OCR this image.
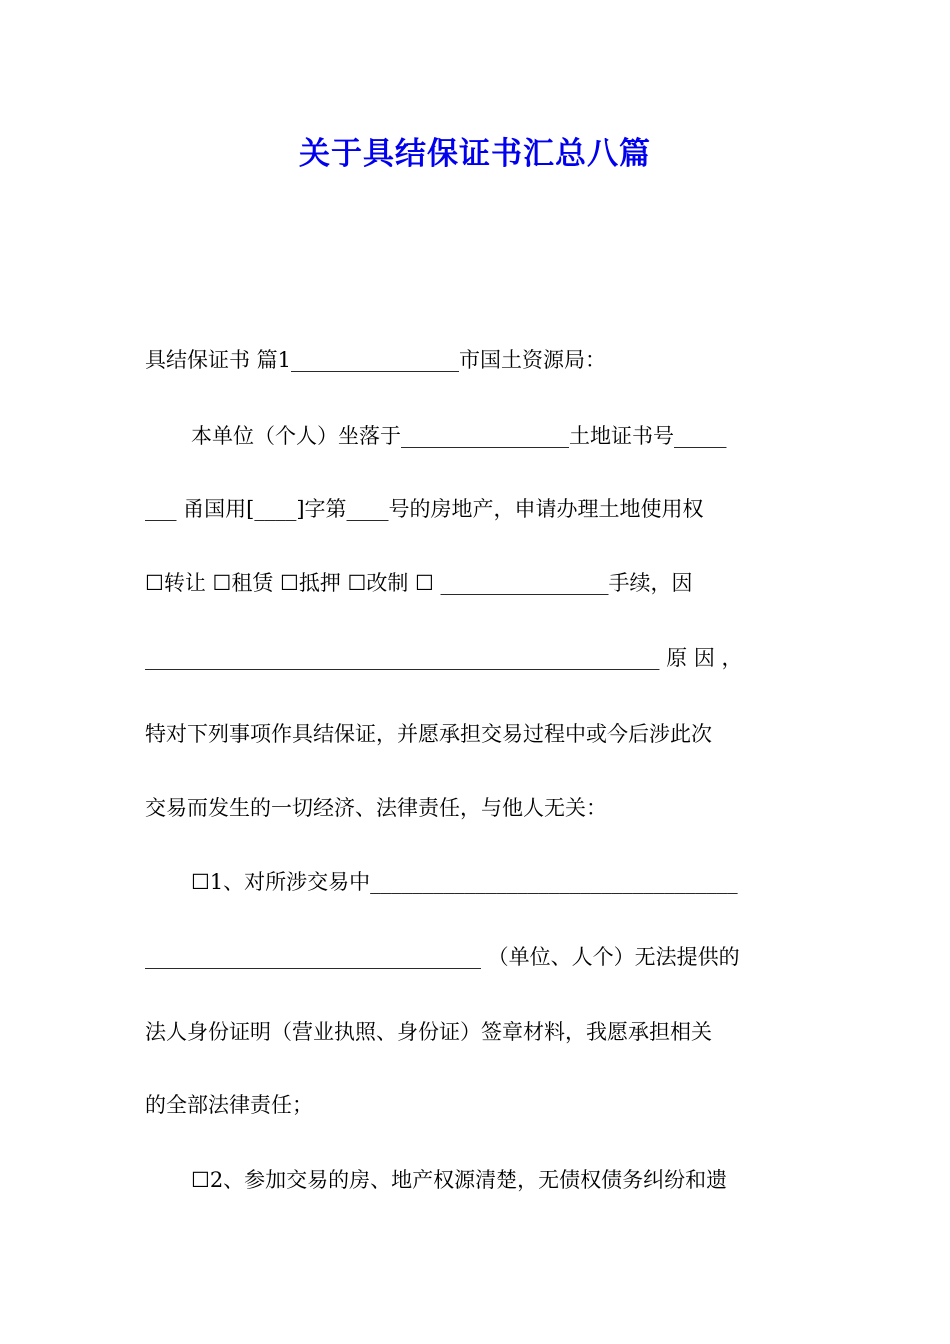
关于具结保证书汇总八篇
具结保证书 篇1________________市国土资源局：
本单位（个人）坐落于________________土地证书号_____
___ 甬国用[____]字第____号的房地产，申请办理土地使用权
☐转让 ☐租赁 ☐抵押 ☐改制 ☐ ________________手续，因
_________________________________________________ 原 因 ，
特对下列事项作具结保证，并愿承担交易过程中或今后涉此次
交易而发生的一切经济、法律责任，与他人无关：
☐1、对所涉交易中___________________________________
________________________________ （单位、人个）无法提供的
法人身份证明（营业执照、身份证）签章材料，我愿承担相关
的全部法律责任；
☐2、参加交易的房、地产权源清楚，无债权债务纠纷和遗
